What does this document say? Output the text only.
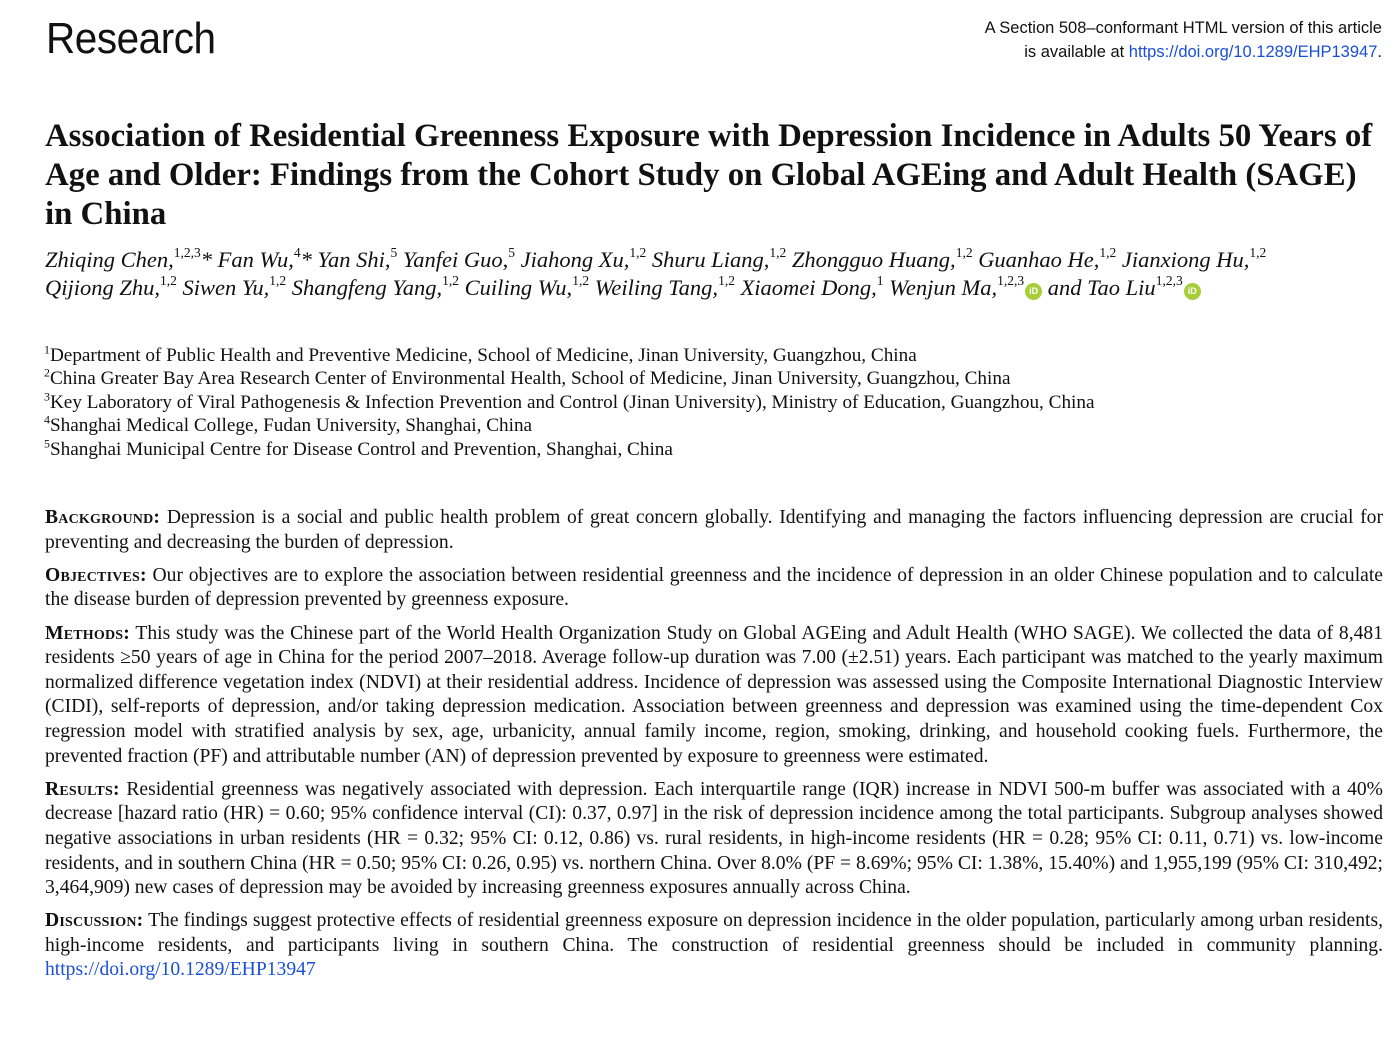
Research	A Section 508–conformant HTML version of this article
is available at https://doi.org/10.1289/EHP13947.
Association of Residential Greenness Exposure with Depression Incidence in Adults 50 Years of Age and Older: Findings from the Cohort Study on Global AGEing and Adult Health (SAGE) in China
Zhiqing Chen,$^{1,2,3}$* Fan Wu,$^4$* Yan Shi,$^5$ Yanfei Guo,$^5$ Jiahong Xu,$^{1,2}$ Shuru Liang,$^{1,2}$ Zhongguo Huang,$^{1,2}$ Guanhao He,$^{1,2}$ Jianxiong Hu,$^{1,2}$ Qijiong Zhu,$^{1,2}$ Siwen Yu,$^{1,2}$ Shangfeng Yang,$^{1,2}$ Cuiling Wu,$^{1,2}$ Weiling Tang,$^{1,2}$ Xiaomei Dong,$^1$ Wenjun Ma,$^{1,2,3}$iD and Tao Liu$^{1,2,3}$iD
$^1$Department of Public Health and Preventive Medicine, School of Medicine, Jinan University, Guangzhou, China
$^2$China Greater Bay Area Research Center of Environmental Health, School of Medicine, Jinan University, Guangzhou, China
$^3$Key Laboratory of Viral Pathogenesis & Infection Prevention and Control (Jinan University), Ministry of Education, Guangzhou, China
$^4$Shanghai Medical College, Fudan University, Shanghai, China
$^5$Shanghai Municipal Centre for Disease Control and Prevention, Shanghai, China

Background: Depression is a social and public health problem of great concern globally. Identifying and managing the factors influencing depression are crucial for preventing and decreasing the burden of depression.

Objectives: Our objectives are to explore the association between residential greenness and the incidence of depression in an older Chinese population and to calculate the disease burden of depression prevented by greenness exposure.

Methods: This study was the Chinese part of the World Health Organization Study on Global AGEing and Adult Health (WHO SAGE). We collected the data of 8,481 residents ≥50 years of age in China for the period 2007–2018. Average follow-up duration was 7.00 (±2.51) years. Each participant was matched to the yearly maximum normalized difference vegetation index (NDVI) at their residential address. Incidence of depression was assessed using the Composite International Diagnostic Interview (CIDI), self-reports of depression, and/or taking depression medication. Association between greenness and depression was examined using the time-dependent Cox regression model with stratified analysis by sex, age, urbanicity, annual family income, region, smoking, drinking, and household cooking fuels. Furthermore, the prevented fraction (PF) and attributable number (AN) of depression prevented by exposure to greenness were estimated.

Results: Residential greenness was negatively associated with depression. Each interquartile range (IQR) increase in NDVI 500-m buffer was associated with a 40% decrease [hazard ratio (HR) = 0.60; 95% confidence interval (CI): 0.37, 0.97] in the risk of depression incidence among the total participants. Subgroup analyses showed negative associations in urban residents (HR = 0.32; 95% CI: 0.12, 0.86) vs. rural residents, in high-income residents (HR = 0.28; 95% CI: 0.11, 0.71) vs. low-income residents, and in southern China (HR = 0.50; 95% CI: 0.26, 0.95) vs. northern China. Over 8.0% (PF = 8.69%; 95% CI: 1.38%, 15.40%) and 1,955,199 (95% CI: 310,492; 3,464,909) new cases of depression may be avoided by increasing greenness exposures annually across China.

Discussion: The findings suggest protective effects of residential greenness exposure on depression incidence in the older population, particularly among urban residents, high-income residents, and participants living in southern China. The construction of residential greenness should be included in community planning. https://doi.org/10.1289/EHP13947
